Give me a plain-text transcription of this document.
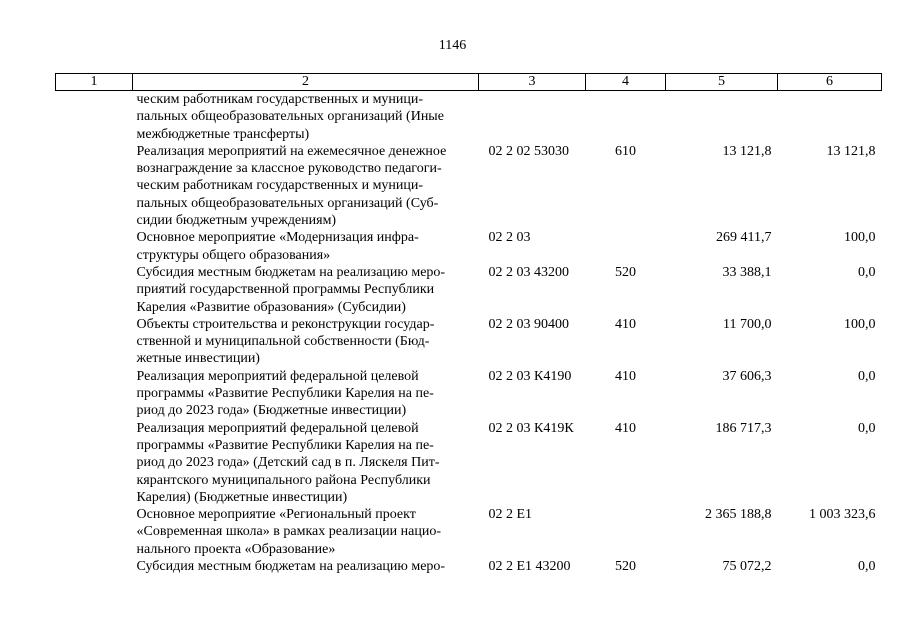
1146
1	2	3	4	5	6
	ческим работникам государственных и муници-
пальных общеобразовательных организаций (Иные
межбюджетные трансферты)				
	Реализация мероприятий на ежемесячное денежное
вознаграждение за классное руководство педагоги-
ческим работникам государственных и муници-
пальных общеобразовательных организаций (Суб-
сидии бюджетным учреждениям)	02 2 02 53030	610	13 121,8	13 121,8
	Основное мероприятие «Модернизация инфра-
структуры общего образования»	02 2 03		269 411,7	100,0
	Субсидия местным бюджетам на реализацию меро-
приятий государственной программы Республики
Карелия «Развитие образования» (Субсидии)	02 2 03 43200	520	33 388,1	0,0
	Объекты строительства и реконструкции государ-
ственной и муниципальной собственности (Бюд-
жетные инвестиции)	02 2 03 90400	410	11 700,0	100,0
	Реализация мероприятий федеральной целевой
программы «Развитие Республики Карелия на пе-
риод до 2023 года» (Бюджетные инвестиции)	02 2 03 К4190	410	37 606,3	0,0
	Реализация мероприятий федеральной целевой
программы «Развитие Республики Карелия на пе-
риод до 2023 года» (Детский сад в п. Ляскеля Пит-
кярантского муниципального района Республики
Карелия) (Бюджетные инвестиции)	02 2 03 К419К	410	186 717,3	0,0
	Основное мероприятие «Региональный проект
«Современная школа» в рамках реализации нацио-
нального проекта «Образование»	02 2 E1		2 365 188,8	1 003 323,6
	Субсидия местным бюджетам на реализацию меро-	02 2 E1 43200	520	75 072,2	0,0
